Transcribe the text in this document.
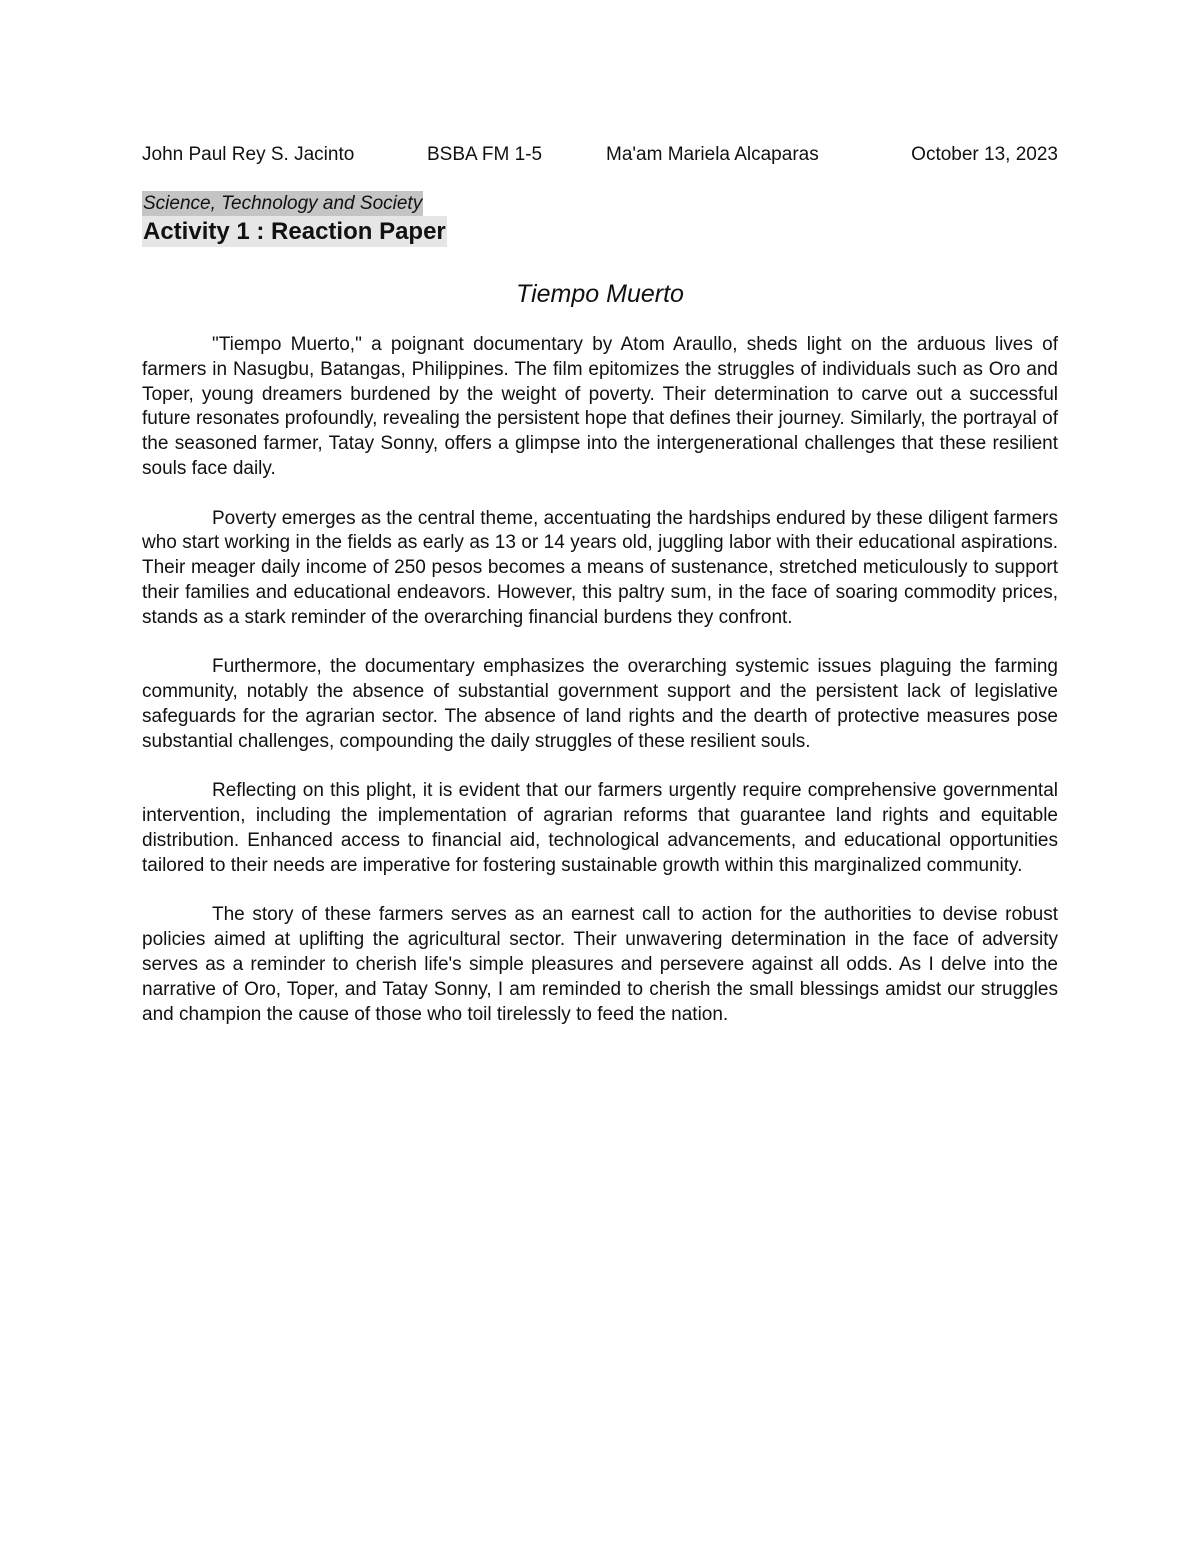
John Paul Rey S. Jacinto	BSBA FM 1-5	Ma'am Mariela Alcaparas	October 13, 2023
Science, Technology and Society
Activity 1 : Reaction Paper
Tiempo Muerto

"Tiempo Muerto," a poignant documentary by Atom Araullo, sheds light on the arduous lives of farmers in Nasugbu, Batangas, Philippines. The film epitomizes the struggles of individuals such as Oro and Toper, young dreamers burdened by the weight of poverty. Their determination to carve out a successful future resonates profoundly, revealing the persistent hope that defines their journey. Similarly, the portrayal of the seasoned farmer, Tatay Sonny, offers a glimpse into the intergenerational challenges that these resilient souls face daily.

Poverty emerges as the central theme, accentuating the hardships endured by these diligent farmers who start working in the fields as early as 13 or 14 years old, juggling labor with their educational aspirations. Their meager daily income of 250 pesos becomes a means of sustenance, stretched meticulously to support their families and educational endeavors. However, this paltry sum, in the face of soaring commodity prices, stands as a stark reminder of the overarching financial burdens they confront.

Furthermore, the documentary emphasizes the overarching systemic issues plaguing the farming community, notably the absence of substantial government support and the persistent lack of legislative safeguards for the agrarian sector. The absence of land rights and the dearth of protective measures pose substantial challenges, compounding the daily struggles of these resilient souls.

Reflecting on this plight, it is evident that our farmers urgently require comprehensive governmental intervention, including the implementation of agrarian reforms that guarantee land rights and equitable distribution. Enhanced access to financial aid, technological advancements, and educational opportunities tailored to their needs are imperative for fostering sustainable growth within this marginalized community.

The story of these farmers serves as an earnest call to action for the authorities to devise robust policies aimed at uplifting the agricultural sector. Their unwavering determination in the face of adversity serves as a reminder to cherish life's simple pleasures and persevere against all odds. As I delve into the narrative of Oro, Toper, and Tatay Sonny, I am reminded to cherish the small blessings amidst our struggles and champion the cause of those who toil tirelessly to feed the nation.
